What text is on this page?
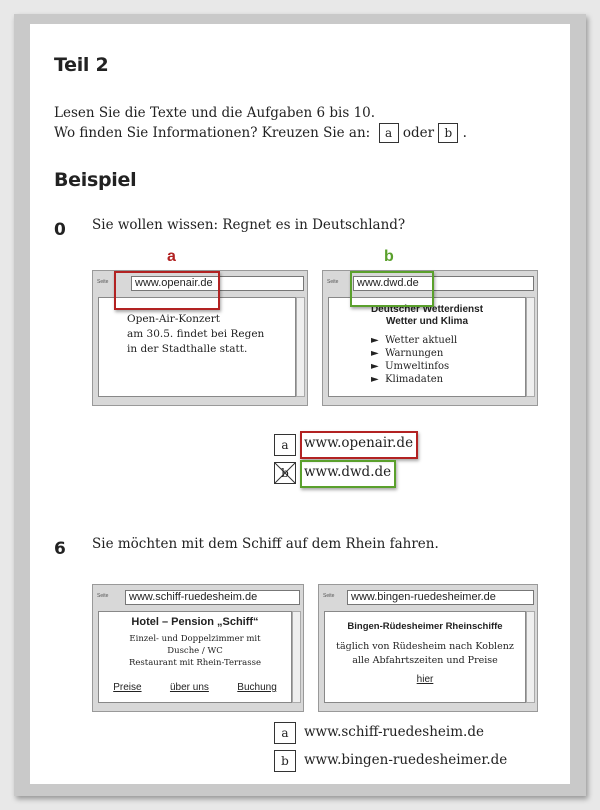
Teil 2
Lesen Sie die Texte und die Aufgaben 6 bis 10.
Wo finden Sie Informationen? Kreuzen Sie an: a oder b .
Beispiel
0 Sie wollen wissen: Regnet es in Deutschland?
a	b
Seite	www.openair.de
Open-Air-Konzert
am 30.5. findet bei Regen
in der Stadthalle statt.
Seite	www.dwd.de
Deutscher Wetterdienst
Wetter und Klima
► Wetter aktuell
► Warnungen
► Umweltinfos
► Klimadaten
a	www.openair.de
b	www.dwd.de
6 Sie möchten mit dem Schiff auf dem Rhein fahren.
Seite	www.schiff-ruedesheim.de
Hotel – Pension „Schiff“
Einzel- und Doppelzimmer mit
Dusche / WC
Restaurant mit Rhein-Terrasse
Preise	über uns	Buchung
Seite	www.bingen-ruedesheimer.de
Bingen-Rüdesheimer Rheinschiffe
täglich von Rüdesheim nach Koblenz
alle Abfahrtszeiten und Preise
hier
a	www.schiff-ruedesheim.de
b	www.bingen-ruedesheimer.de
